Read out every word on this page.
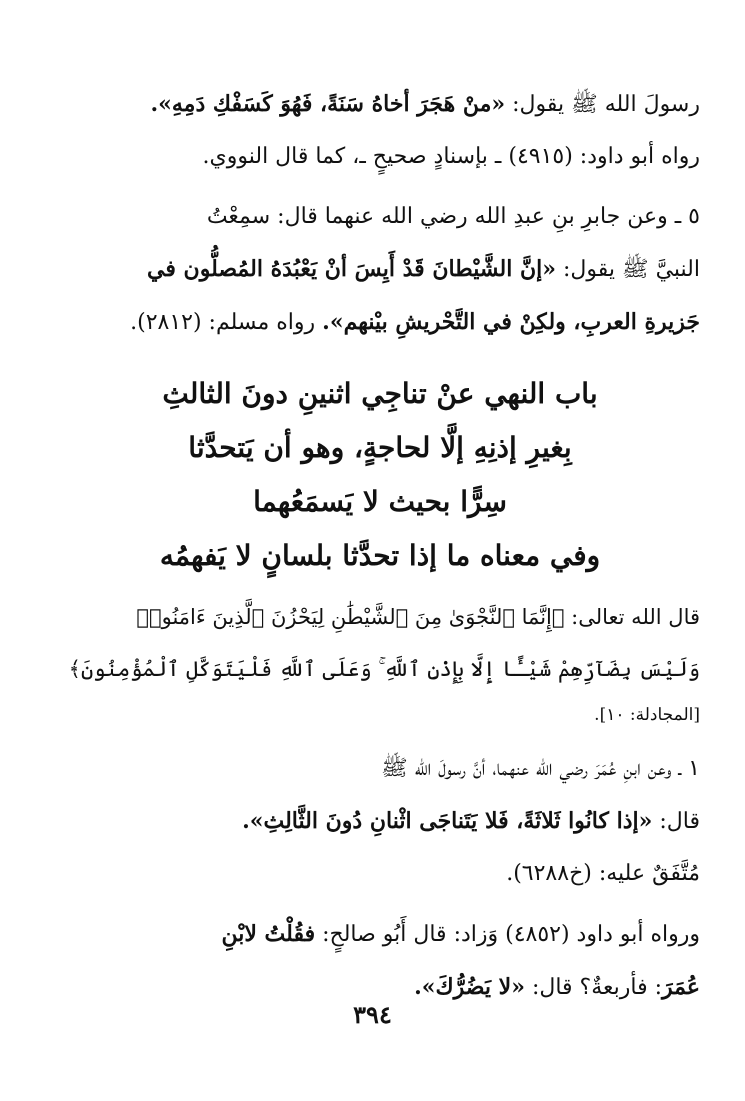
رسولَ الله ﷺ يقول: «منْ هَجَرَ أخاهُ سَنَةً، فَهُوَ كَسَفْكِ دَمِهِ».
رواه أبو داود: (٤٩١٥) ـ بإسنادٍ صحيحٍ ـ، كما قال النووي.
٥ ـ وعن جابرِ بنِ عبدِ الله رضي الله عنهما قال: سمِعْتُ
النبيَّ ﷺ يقول: «إنَّ الشَّيْطانَ قَدْ أَيِسَ أنْ يَعْبُدَهُ المُصلُّون في
جَزيرةِ العربِ، ولكِنْ في التَّحْريشِ بيْنهم». رواه مسلم: (٢٨١٢).
باب النهي عنْ تناجِي اثنينِ دونَ الثالثِ
بِغيرِ إذنِهِ إلَّا لحاجةٍ، وهو أن يَتحدَّثا
سِرًّا بحيث لا يَسمَعُهما
وفي معناه ما إذا تحدَّثا بلسانٍ لا يَفهمُه
قال الله تعالى: ﴿إِنَّمَا ٱلنَّجْوَىٰ مِنَ ٱلشَّيْطَٰنِ لِيَحْزُنَ ٱلَّذِينَ ءَامَنُوا۟
وَلَيْسَ بِضَآرِّهِمْ شَيْـًٔا إِلَّا بِإِذْنِ ٱللَّهِ ۚ وَعَلَى ٱللَّهِ فَلْيَتَوَكَّلِ ٱلْمُؤْمِنُونَ﴾
[المجادلة: ١٠].
١ ـ وعن ابنِ عُمَرَ رضي الله عنهما، أنَّ رسولَ الله ﷺ
قال: «إذا كانُوا ثَلاثَةً، فَلا يَتَناجَى اثْنانِ دُونَ الثَّالِثِ».
مُتَّفَقٌ عليه: (خ٦٢٨٨).
ورواه أبو داود (٤٨٥٢) وَزاد: قال أَبُو صالحٍ: فقُلْتُ لابْنِ
عُمَرَ: فأربعةٌ؟ قال: «لا يَضُرُّكَ».
٣٩٤
